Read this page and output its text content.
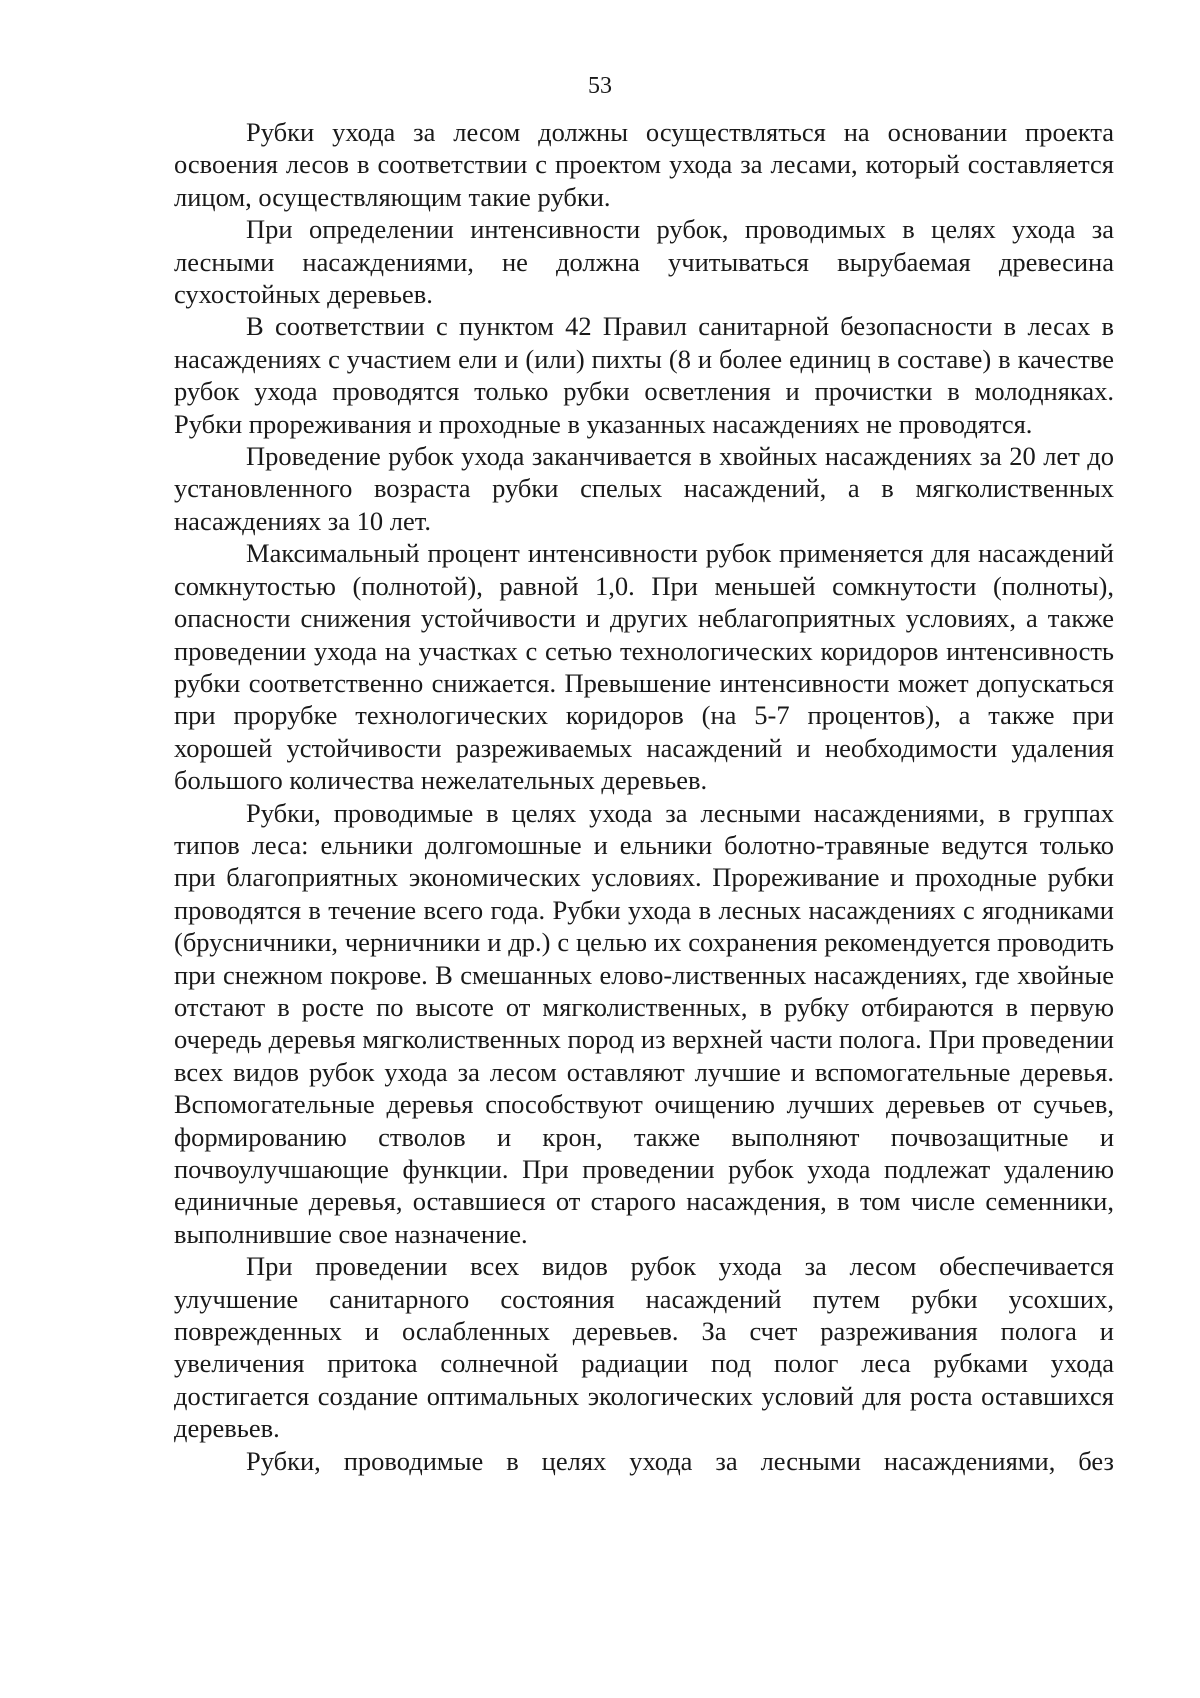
53

Рубки ухода за лесом должны осуществляться на основании проекта освоения лесов в соответствии с проектом ухода за лесами, который составляется лицом, осуществляющим такие рубки.

При определении интенсивности рубок, проводимых в целях ухода за лесными насаждениями, не должна учитываться вырубаемая древесина сухостойных деревьев.

В соответствии с пунктом 42 Правил санитарной безопасности в лесах в насаждениях с участием ели и (или) пихты (8 и более единиц в составе) в качестве рубок ухода проводятся только рубки осветления и прочистки в молодняках. Рубки прореживания и проходные в указанных насаждениях не проводятся.

Проведение рубок ухода заканчивается в хвойных насаждениях за 20 лет до установленного возраста рубки спелых насаждений, а в мягколиственных насаждениях за 10 лет.

Максимальный процент интенсивности рубок применяется для насаждений сомкнутостью (полнотой), равной 1,0. При меньшей сомкнутости (полноты), опасности снижения устойчивости и других неблагоприятных условиях, а также проведении ухода на участках с сетью технологических коридоров интенсивность рубки соответственно снижается. Превышение интенсивности может допускаться при прорубке технологических коридоров (на 5-7 процентов), а также при хорошей устойчивости разреживаемых насаждений и необходимости удаления большого количества нежелательных деревьев.

Рубки, проводимые в целях ухода за лесными насаждениями, в группах типов леса: ельники долгомошные и ельники болотно-травяные ведутся только при благоприятных экономических условиях. Прореживание и проходные рубки проводятся в течение всего года. Рубки ухода в лесных насаждениях с ягодниками (брусничники, черничники и др.) с целью их сохранения рекомендуется проводить при снежном покрове. В смешанных елово-лиственных насаждениях, где хвойные отстают в росте по высоте от мягколиственных, в рубку отбираются в первую очередь деревья мягколиственных пород из верхней части полога. При проведении всех видов рубок ухода за лесом оставляют лучшие и вспомогательные деревья. Вспомогательные деревья способствуют очищению лучших деревьев от сучьев, формированию стволов и крон, также выполняют почвозащитные и почвоулучшающие функции. При проведении рубок ухода подлежат удалению единичные деревья, оставшиеся от старого насаждения, в том числе семенники, выполнившие свое назначение.

При проведении всех видов рубок ухода за лесом обеспечивается улучшение санитарного состояния насаждений путем рубки усохших, поврежденных и ослабленных деревьев. За счет разреживания полога и увеличения притока солнечной радиации под полог леса рубками ухода достигается создание оптимальных экологических условий для роста оставшихся деревьев.

Рубки, проводимые в целях ухода за лесными насаждениями, без
